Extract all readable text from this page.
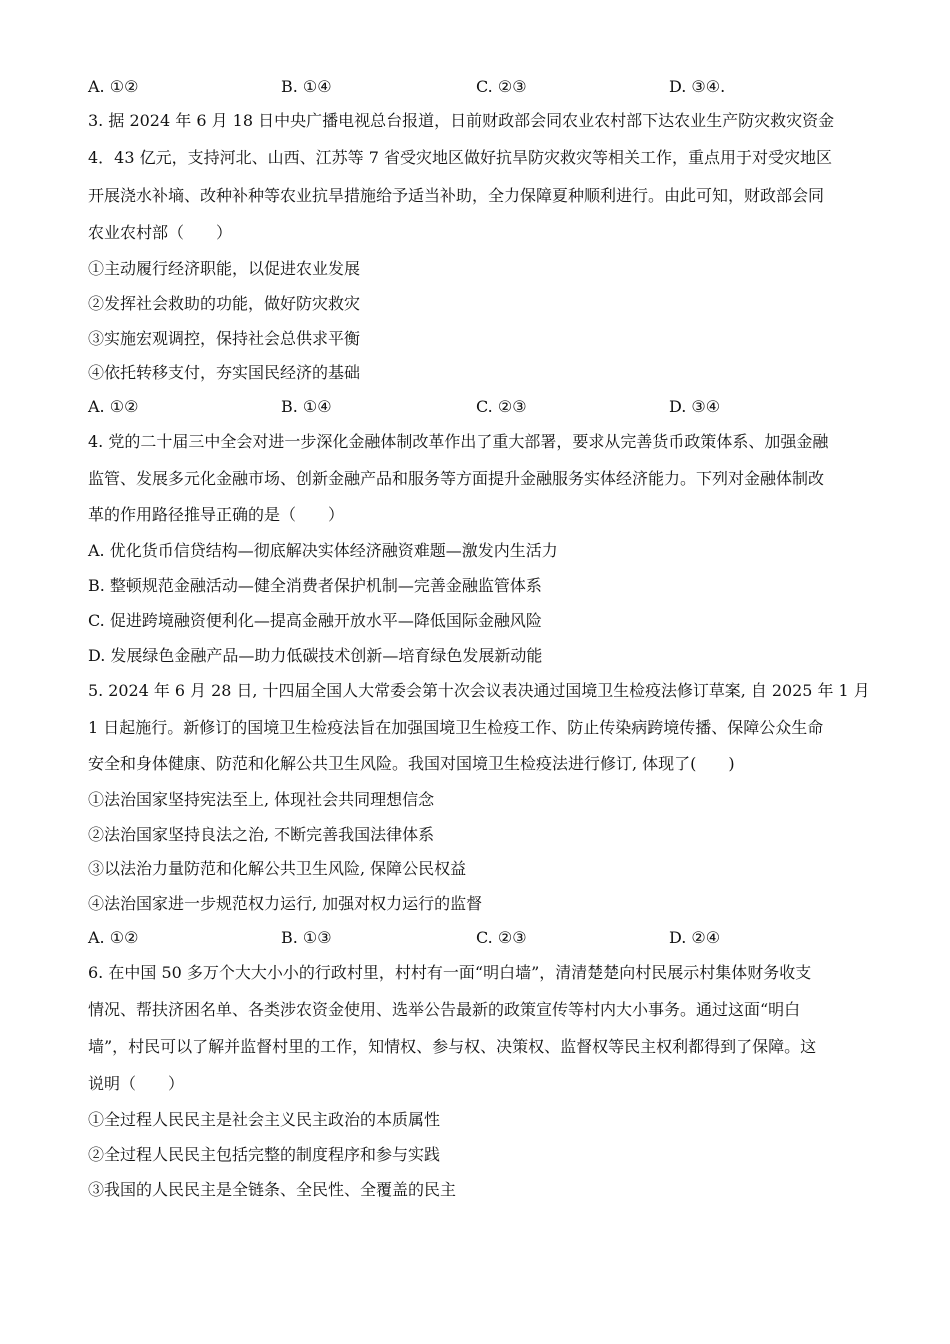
A. ①②	B. ①④	C. ②③	D. ③④.
3. 据 2024 年 6 月 18 日中央广播电视总台报道，日前财政部会同农业农村部下达农业生产防灾救灾资金
4．43 亿元，支持河北、山西、江苏等 7 省受灾地区做好抗旱防灾救灾等相关工作，重点用于对受灾地区
开展浇水补墒、改种补种等农业抗旱措施给予适当补助，全力保障夏种顺利进行。由此可知，财政部会同
农业农村部（　　）
①主动履行经济职能，以促进农业发展
②发挥社会救助的功能，做好防灾救灾
③实施宏观调控，保持社会总供求平衡
④依托转移支付，夯实国民经济的基础
A. ①②	B. ①④	C. ②③	D. ③④
4. 党的二十届三中全会对进一步深化金融体制改革作出了重大部署，要求从完善货币政策体系、加强金融
监管、发展多元化金融市场、创新金融产品和服务等方面提升金融服务实体经济能力。下列对金融体制改
革的作用路径推导正确的是（　　）
A. 优化货币信贷结构—彻底解决实体经济融资难题—激发内生活力
B. 整顿规范金融活动—健全消费者保护机制—完善金融监管体系
C. 促进跨境融资便利化—提高金融开放水平—降低国际金融风险
D. 发展绿色金融产品—助力低碳技术创新—培育绿色发展新动能
5. 2024 年 6 月 28 日, 十四届全国人大常委会第十次会议表决通过国境卫生检疫法修订草案, 自 2025 年 1 月
1 日起施行。新修订的国境卫生检疫法旨在加强国境卫生检疫工作、防止传染病跨境传播、保障公众生命
安全和身体健康、防范和化解公共卫生风险。我国对国境卫生检疫法进行修订, 体现了(　　)
①法治国家坚持宪法至上, 体现社会共同理想信念
②法治国家坚持良法之治, 不断完善我国法律体系
③以法治力量防范和化解公共卫生风险, 保障公民权益
④法治国家进一步规范权力运行, 加强对权力运行的监督
A. ①②	B. ①③	C. ②③	D. ②④
6. 在中国 50 多万个大大小小的行政村里，村村有一面“明白墙”，清清楚楚向村民展示村集体财务收支
情况、帮扶济困名单、各类涉农资金使用、选举公告最新的政策宣传等村内大小事务。通过这面“明白
墙”，村民可以了解并监督村里的工作，知情权、参与权、决策权、监督权等民主权利都得到了保障。这
说明（　　）
①全过程人民民主是社会主义民主政治的本质属性
②全过程人民民主包括完整的制度程序和参与实践
③我国的人民民主是全链条、全民性、全覆盖的民主
